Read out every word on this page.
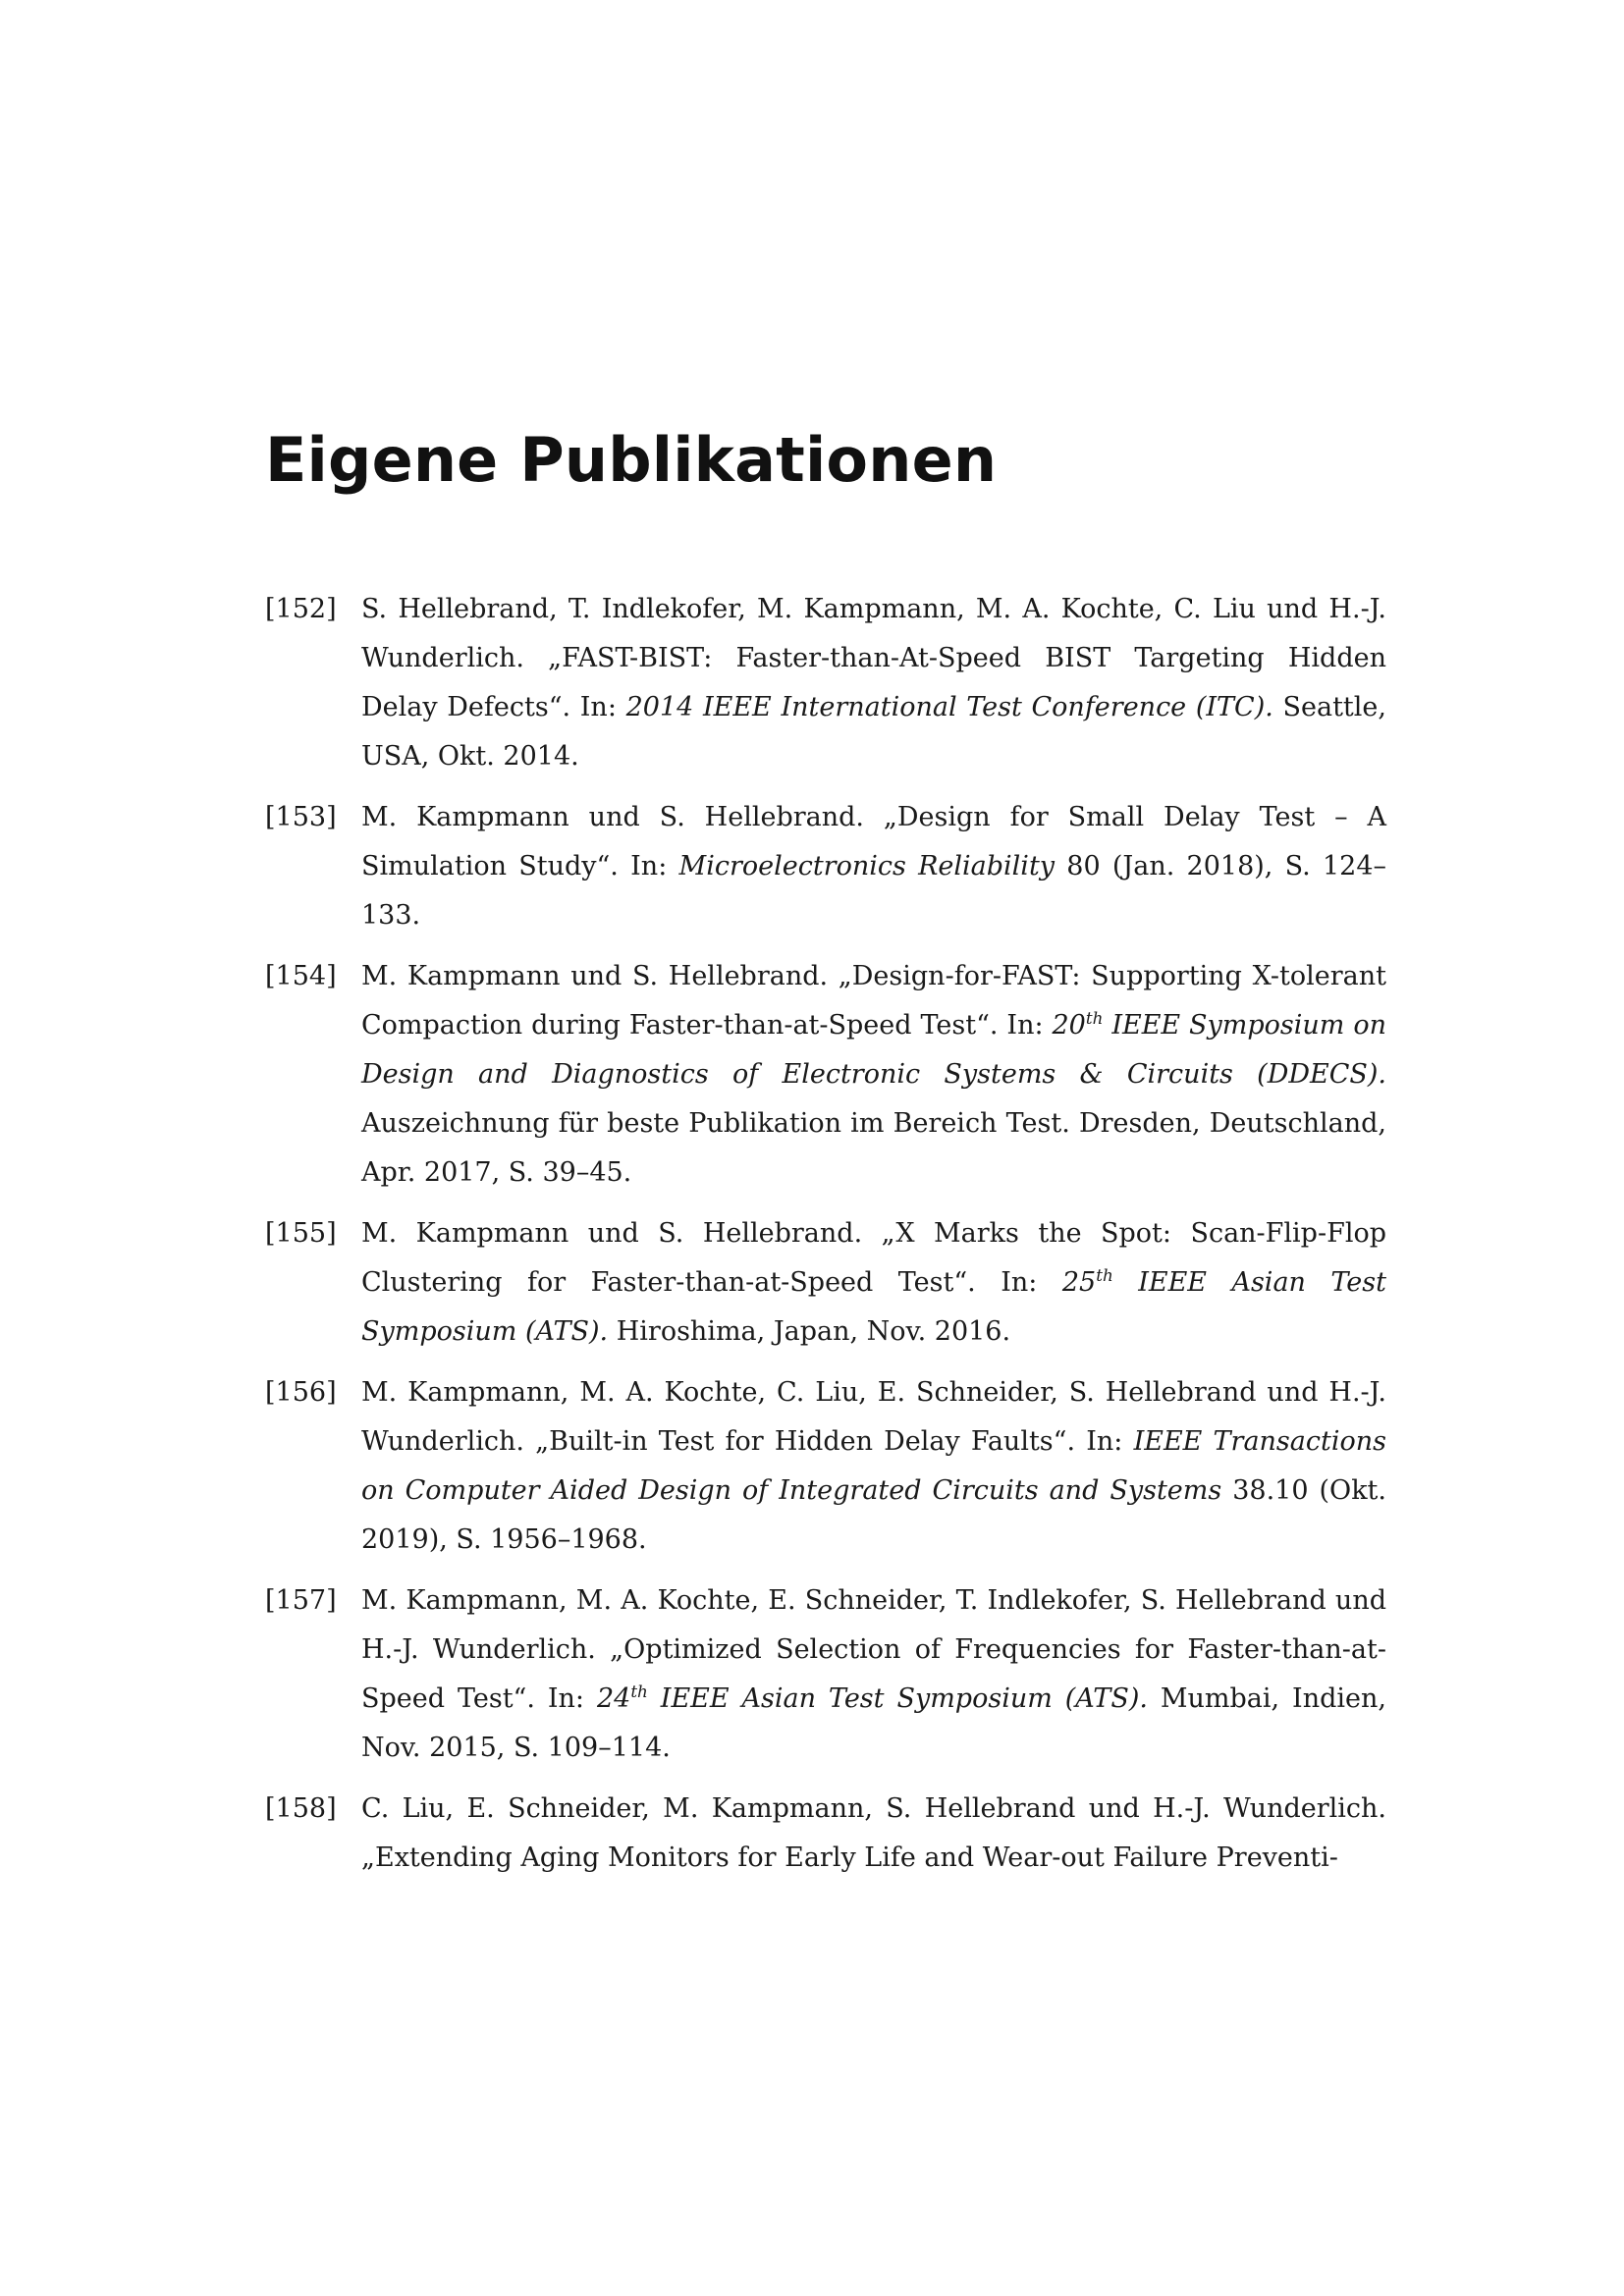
Eigene Publikationen
[152] S. Hellebrand, T. Indlekofer, M. Kampmann, M. A. Kochte, C. Liu und H.-J. Wunderlich. „FAST-BIST: Faster-than-At-Speed BIST Targeting Hidden Delay Defects“. In: 2014 IEEE International Test Conference (ITC). Seattle, USA, Okt. 2014.
[153] M. Kampmann und S. Hellebrand. „Design for Small Delay Test – A Simulation Study“. In: Microelectronics Reliability 80 (Jan. 2018), S. 124–133.
[154] M. Kampmann und S. Hellebrand. „Design-for-FAST: Supporting X-tolerant Compaction during Faster-than-at-Speed Test“. In: 20th IEEE Symposium on Design and Diagnostics of Electronic Systems & Circuits (DDECS). Auszeichnung für beste Publikation im Bereich Test. Dresden, Deutschland, Apr. 2017, S. 39–45.
[155] M. Kampmann und S. Hellebrand. „X Marks the Spot: Scan-Flip-Flop Clustering for Faster-than-at-Speed Test“. In: 25th IEEE Asian Test Symposium (ATS). Hiroshima, Japan, Nov. 2016.
[156] M. Kampmann, M. A. Kochte, C. Liu, E. Schneider, S. Hellebrand und H.-J. Wunderlich. „Built-in Test for Hidden Delay Faults“. In: IEEE Transactions on Computer Aided Design of Integrated Circuits and Systems 38.10 (Okt. 2019), S. 1956–1968.
[157] M. Kampmann, M. A. Kochte, E. Schneider, T. Indlekofer, S. Hellebrand und H.-J. Wunderlich. „Optimized Selection of Frequencies for Faster-than-at-Speed Test“. In: 24th IEEE Asian Test Symposium (ATS). Mumbai, Indien, Nov. 2015, S. 109–114.
[158] C. Liu, E. Schneider, M. Kampmann, S. Hellebrand und H.-J. Wunderlich. „Extending Aging Monitors for Early Life and Wear-out Failure Preventi-
